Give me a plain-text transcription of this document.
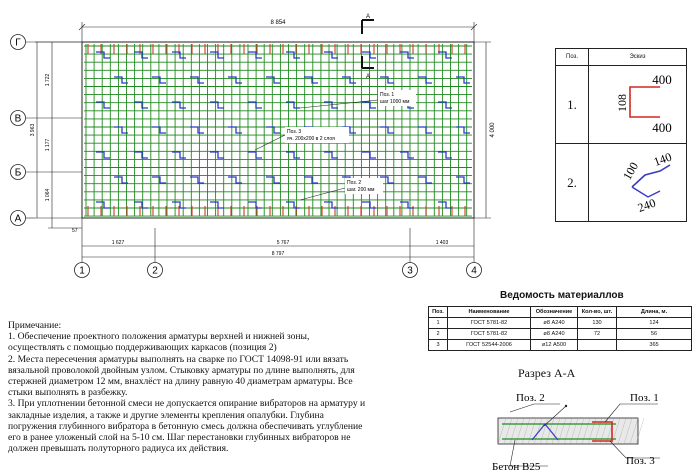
8 854
4 000
1 722
1 177
1 064
3 963
57
Г
В
Б
А
1 627	5 767	1 403
8 797
1	2	3	4
А
А
Поз. 1
шаг 1000 мм
Поз. 3
яч. 200х200 в 2 слоя
Поз. 2
шаг. 200 мм
Поз.	Эскиз
1.	400
108
400

2.	140
100
240
Ведомость материаллов
Поз.	Наименование	Обозначение	Кол-во, шт.	Длина, м.
1	ГОСТ 5781-82	ø8 А240	130	124
2	ГОСТ 5781-82	ø8 А240	72	56
3	ГОСТ 52544-2006	ø12 А500		365
Разрез А-А
Поз. 2	Поз. 1
Бетон В25	Поз. 3
Примечание:
1. Обеспечение проектного положения арматуры верхней и нижней зоны,
осуществлять с помощью поддерживающих каркасов (позиция 2)
2. Места пересечения арматуры выполнять на сварке по ГОСТ 14098-91 или вязать
вязальной проволокой двойным узлом. Стыковку арматуры по длине выполнять, для
стержней диаметром 12 мм, внахлёст на длину равную 40 диаметрам арматуры. Все
стыки выполнять в разбежку.
3. При уплотнении бетонной смеси не допускается опирание вибраторов на арматуру и
закладные изделия, а также и другие элементы крепления опалубки. Глубина
погружения глубинного вибратора в бетонную смесь должна обеспечивать углубление
его в ранее уложеный слой на 5-10 см. Шаг перестановки глубинных вибраторов не
должен превышать полуторного радиуса их действия.
